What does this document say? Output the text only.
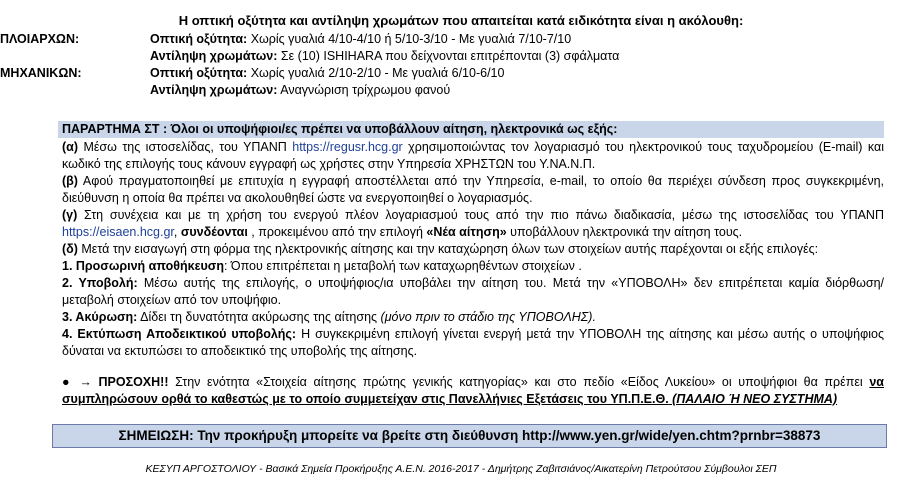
Η οπτική οξύτητα και αντίληψη χρωμάτων που απαιτείται κατά ειδικότητα είναι η ακόλουθη:
ΠΛΟΙΑΡΧΩΝ:	Οπτική οξύτητα: Χωρίς γυαλιά 4/10-4/10 ή 5/10-3/10 - Με γυαλιά 7/10-7/10
Αντίληψη χρωμάτων: Σε (10) ISHIHARA που δείχνονται επιτρέπονται (3) σφάλματα
ΜΗΧΑΝΙΚΩΝ:	Οπτική οξύτητα: Χωρίς γυαλιά 2/10-2/10 - Με γυαλιά 6/10-6/10
Αντίληψη χρωμάτων: Αναγνώριση τρίχρωμου φανού
ΠΑΡΑΡΤΗΜΑ ΣΤ : Όλοι οι υποψήφιοι/ες πρέπει να υποβάλλουν αίτηση, ηλεκτρονικά ως εξής:

(α) Μέσω της ιστοσελίδας, του ΥΠΑΝΠ https://regusr.hcg.gr χρησιμοποιώντας τον λογαριασμό του ηλεκτρονικού τους ταχυδρομείου (E-mail) και κωδικό της επιλογής τους κάνουν εγγραφή ως χρήστες στην Υπηρεσία ΧΡΗΣΤΩΝ του Υ.ΝΑ.Ν.Π.

(β) Αφού πραγματοποιηθεί με επιτυχία η εγγραφή αποστέλλεται από την Υπηρεσία, e-mail, το οποίο θα περιέχει σύνδεση προς συγκεκριμένη, διεύθυνση η οποία θα πρέπει να ακολουθηθεί ώστε να ενεργοποιηθεί ο λογαριασμός.

(γ) Στη συνέχεια και με τη χρήση του ενεργού πλέον λογαριασμού τους από την πιο πάνω διαδικασία, μέσω της ιστοσελίδας του ΥΠΑΝΠ https://eisaen.hcg.gr, συνδέονται , προκειμένου από την επιλογή «Νέα αίτηση» υποβάλλουν ηλεκτρονικά την αίτηση τους.

(δ) Μετά την εισαγωγή στη φόρμα της ηλεκτρονικής αίτησης και την καταχώρηση όλων των στοιχείων αυτής παρέχονται οι εξής επιλογές:

1. Προσωρινή αποθήκευση: Όπου επιτρέπεται η μεταβολή των καταχωρηθέντων στοιχείων .

2. Υποβολή: Μέσω αυτής της επιλογής, ο υποψήφιος/ια υποβάλει την αίτηση του. Μετά την «ΥΠΟΒΟΛΗ» δεν επιτρέπεται καμία διόρθωση/μεταβολή στοιχείων από τον υποψήφιο.

3. Ακύρωση: Δίδει τη δυνατότητα ακύρωσης της αίτησης (μόνο πριν το στάδιο της ΥΠΟΒΟΛΗΣ).

4. Εκτύπωση Αποδεικτικού υποβολής: Η συγκεκριμένη επιλογή γίνεται ενεργή μετά την ΥΠΟΒΟΛΗ της αίτησης και μέσω αυτής ο υποψήφιος δύναται να εκτυπώσει το αποδεικτικό της υποβολής της αίτησης.

● → ΠΡΟΣΟΧΗ!! Στην ενότητα «Στοιχεία αίτησης πρώτης γενικής κατηγορίας» και στο πεδίο «Είδος Λυκείου» οι υποψήφιοι θα πρέπει να συμπληρώσουν ορθά το καθεστώς με το οποίο συμμετείχαν στις Πανελλήνιες Εξετάσεις του ΥΠ.Π.Ε.Θ. (ΠΑΛΑΙΟ Ή ΝΕΟ ΣΥΣΤΗΜΑ)
ΣΗΜΕΙΩΣΗ: Την προκήρυξη μπορείτε να βρείτε στη διεύθυνση http://www.yen.gr/wide/yen.chtm?prnbr=38873
ΚΕΣΥΠ ΑΡΓΟΣΤΟΛΙΟΥ - Βασικά Σημεία Προκήρυξης Α.Ε.Ν. 2016-2017 - Δημήτρης Ζαβιτσιάνος/Αικατερίνη Πετρούτσου Σύμβουλοι ΣΕΠ
